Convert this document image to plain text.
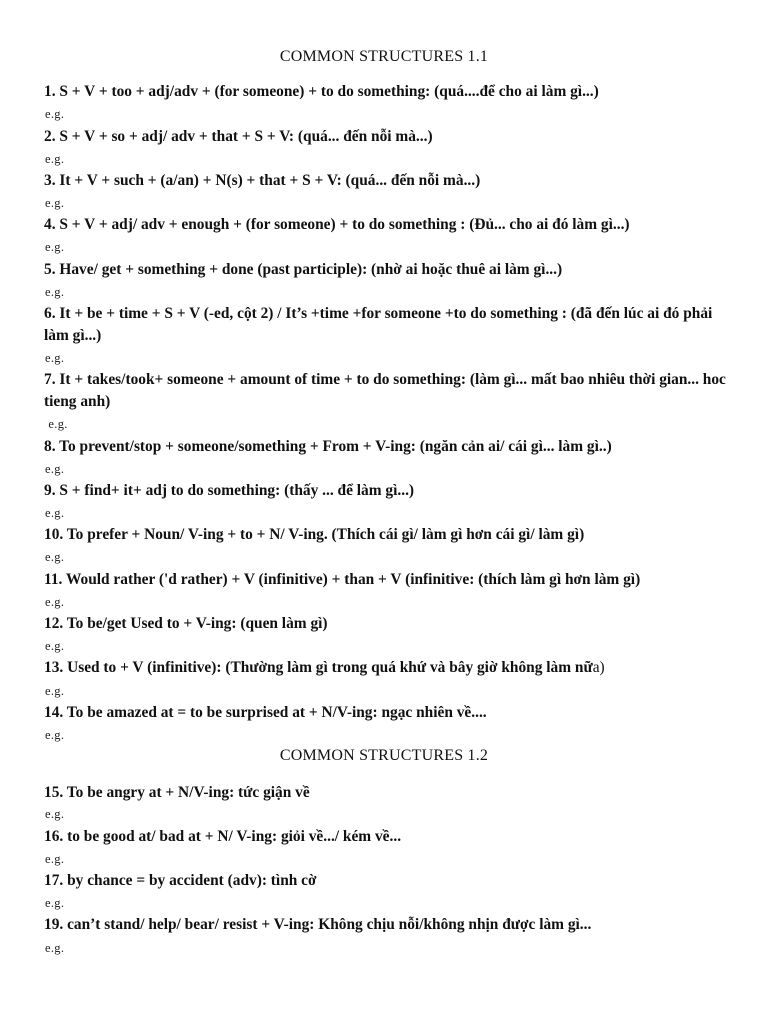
COMMON STRUCTURES 1.1
1. S + V + too + adj/adv + (for someone) + to do something: (quá....để cho ai làm gì...)
e.g.
2. S + V + so + adj/ adv + that + S + V: (quá... đến nỗi mà...)
e.g.
3. It + V + such + (a/an) + N(s) + that + S + V: (quá... đến nỗi mà...)
e.g.
4. S + V + adj/ adv + enough + (for someone) + to do something : (Đủ... cho ai đó làm gì...)
e.g.
5. Have/ get + something + done (past participle): (nhờ ai hoặc thuê ai làm gì...)
e.g.
6. It + be + time + S + V (-ed, cột 2) / It’s +time +for someone +to do something : (đã đến lúc ai đó phải làm gì...)
e.g.
7. It + takes/took+ someone + amount of time + to do something: (làm gì... mất bao nhiêu thời gian... hoc tieng anh)
e.g.
8. To prevent/stop + someone/something + From + V-ing: (ngăn cản ai/ cái gì... làm gì..)
e.g.
9. S + find+ it+ adj to do something: (thấy ... để làm gì...)
e.g.
10. To prefer + Noun/ V-ing + to + N/ V-ing. (Thích cái gì/ làm gì hơn cái gì/ làm gì)
e.g.
11. Would rather ('d rather) + V (infinitive) + than + V (infinitive: (thích làm gì hơn làm gì)
e.g.
12. To be/get Used to + V-ing: (quen làm gì)
e.g.
13. Used to + V (infinitive): (Thường làm gì trong quá khứ và bây giờ không làm nữa)
e.g.
14. To be amazed at = to be surprised at + N/V-ing: ngạc nhiên về....
e.g.
COMMON STRUCTURES 1.2
15. To be angry at + N/V-ing: tức giận về
e.g.
16. to be good at/ bad at + N/ V-ing: giỏi về.../ kém về...
e.g.
17. by chance = by accident (adv): tình cờ
e.g.
19. can’t stand/ help/ bear/ resist + V-ing: Không chịu nỗi/không nhịn được làm gì...
e.g.
